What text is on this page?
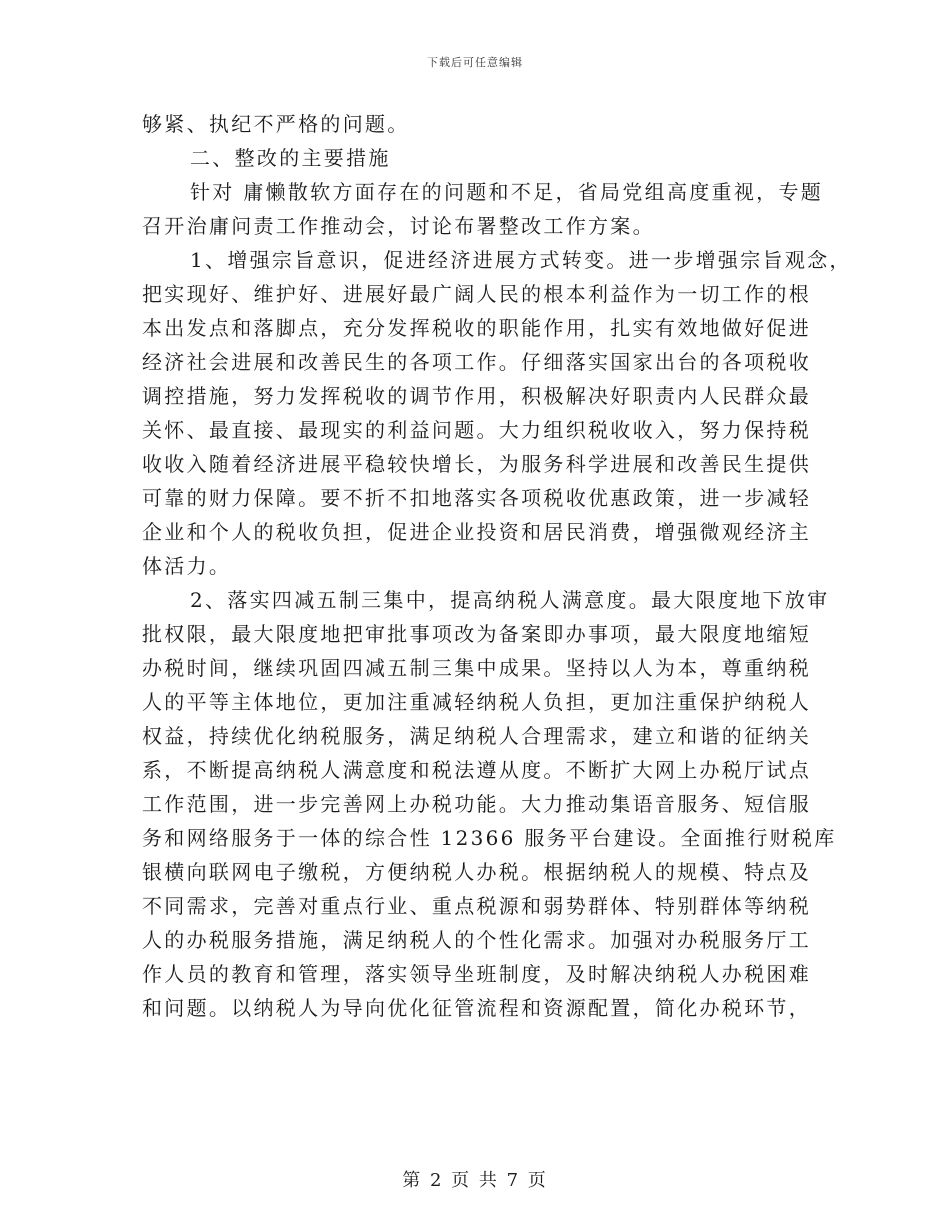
下载后可任意编辑
够紧、执纪不严格的问题。
二、整改的主要措施
针对 庸懒散软方面存在的问题和不足，省局党组高度重视，专题
召开治庸问责工作推动会，讨论布署整改工作方案。
1、增强宗旨意识，促进经济进展方式转变。进一步增强宗旨观念，
把实现好、维护好、进展好最广阔人民的根本利益作为一切工作的根
本出发点和落脚点，充分发挥税收的职能作用，扎实有效地做好促进
经济社会进展和改善民生的各项工作。仔细落实国家出台的各项税收
调控措施，努力发挥税收的调节作用，积极解决好职责内人民群众最
关怀、最直接、最现实的利益问题。大力组织税收收入，努力保持税
收收入随着经济进展平稳较快增长，为服务科学进展和改善民生提供
可靠的财力保障。要不折不扣地落实各项税收优惠政策，进一步减轻
企业和个人的税收负担，促进企业投资和居民消费，增强微观经济主
体活力。
2、落实四减五制三集中，提高纳税人满意度。最大限度地下放审
批权限，最大限度地把审批事项改为备案即办事项，最大限度地缩短
办税时间，继续巩固四减五制三集中成果。坚持以人为本，尊重纳税
人的平等主体地位，更加注重减轻纳税人负担，更加注重保护纳税人
权益，持续优化纳税服务，满足纳税人合理需求，建立和谐的征纳关
系，不断提高纳税人满意度和税法遵从度。不断扩大网上办税厅试点
工作范围，进一步完善网上办税功能。大力推动集语音服务、短信服
务和网络服务于一体的综合性 12366 服务平台建设。全面推行财税库
银横向联网电子缴税，方便纳税人办税。根据纳税人的规模、特点及
不同需求，完善对重点行业、重点税源和弱势群体、特别群体等纳税
人的办税服务措施，满足纳税人的个性化需求。加强对办税服务厅工
作人员的教育和管理，落实领导坐班制度，及时解决纳税人办税困难
和问题。以纳税人为导向优化征管流程和资源配置，简化办税环节，
第 2 页 共 7 页
